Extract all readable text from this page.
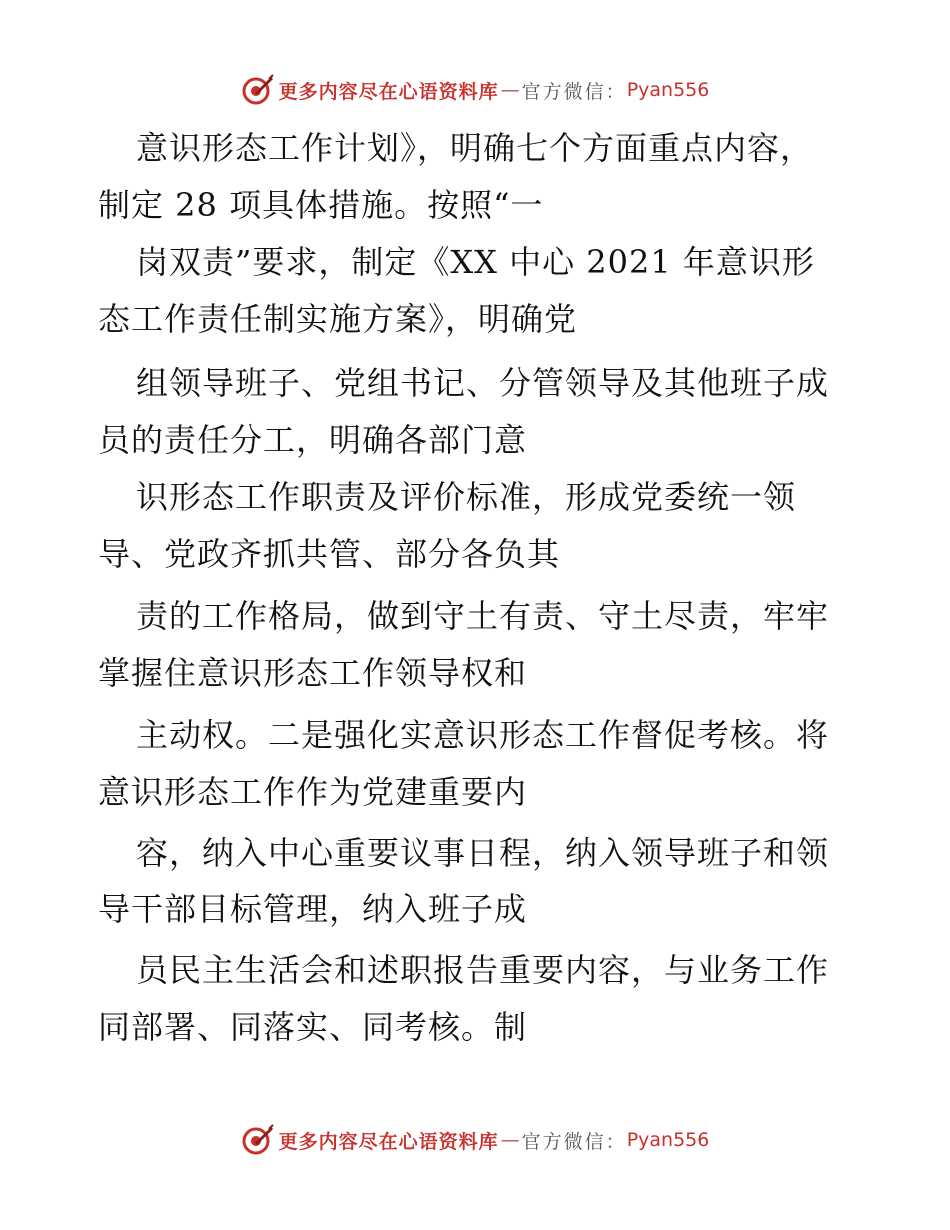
更多内容尽在心语资料库 — 官方微信： Pyan556
意识形态工作计划》，明确七个方面重点内容，
制定 28 项具体措施。按照“一
岗双责”要求，制定《XX 中心 2021 年意识形
态工作责任制实施方案》，明确党
组领导班子、党组书记、分管领导及其他班子成
员的责任分工，明确各部门意
识形态工作职责及评价标准，形成党委统一领
导、党政齐抓共管、部分各负其
责的工作格局，做到守土有责、守土尽责，牢牢
掌握住意识形态工作领导权和
主动权。二是强化实意识形态工作督促考核。将
意识形态工作作为党建重要内
容，纳入中心重要议事日程，纳入领导班子和领
导干部目标管理，纳入班子成
员民主生活会和述职报告重要内容，与业务工作
同部署、同落实、同考核。制
更多内容尽在心语资料库 — 官方微信： Pyan556
